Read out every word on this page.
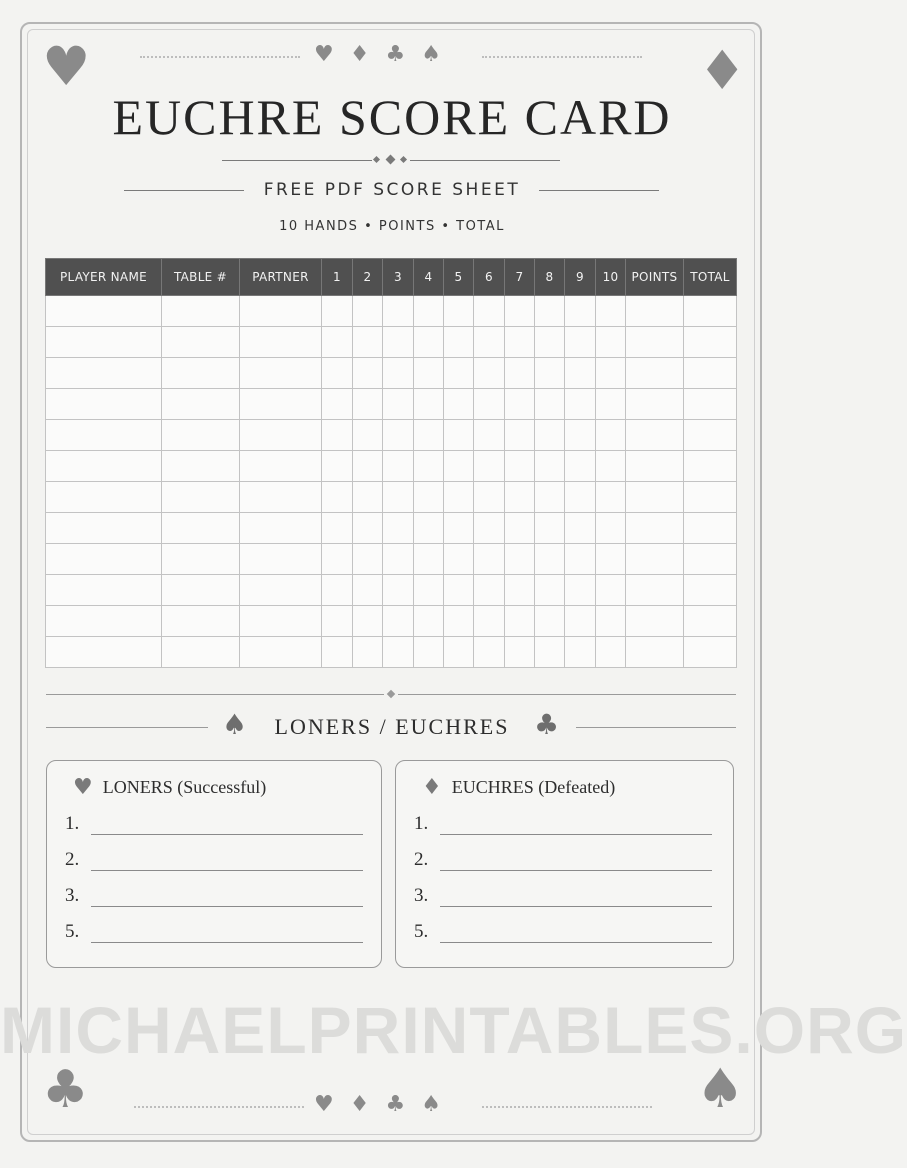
♥	♦
♣	♠
♥ ♦ ♣ ♠
EUCHRE SCORE CARD
FREE PDF SCORE SHEET
10 HANDS • POINTS • TOTAL
PLAYER NAME	TABLE #	PARTNER	1	2	3	4	5	6	7	8	9	10	POINTS	TOTAL

♠	LONERS / EUCHRES ♣
♥ LONERS (Successful)
1.
2.
3.
5.
♦ EUCHRES (Defeated)
1.
2.
3.
5.
MICHAELPRINTABLES.ORG
♥ ♦ ♣ ♠
